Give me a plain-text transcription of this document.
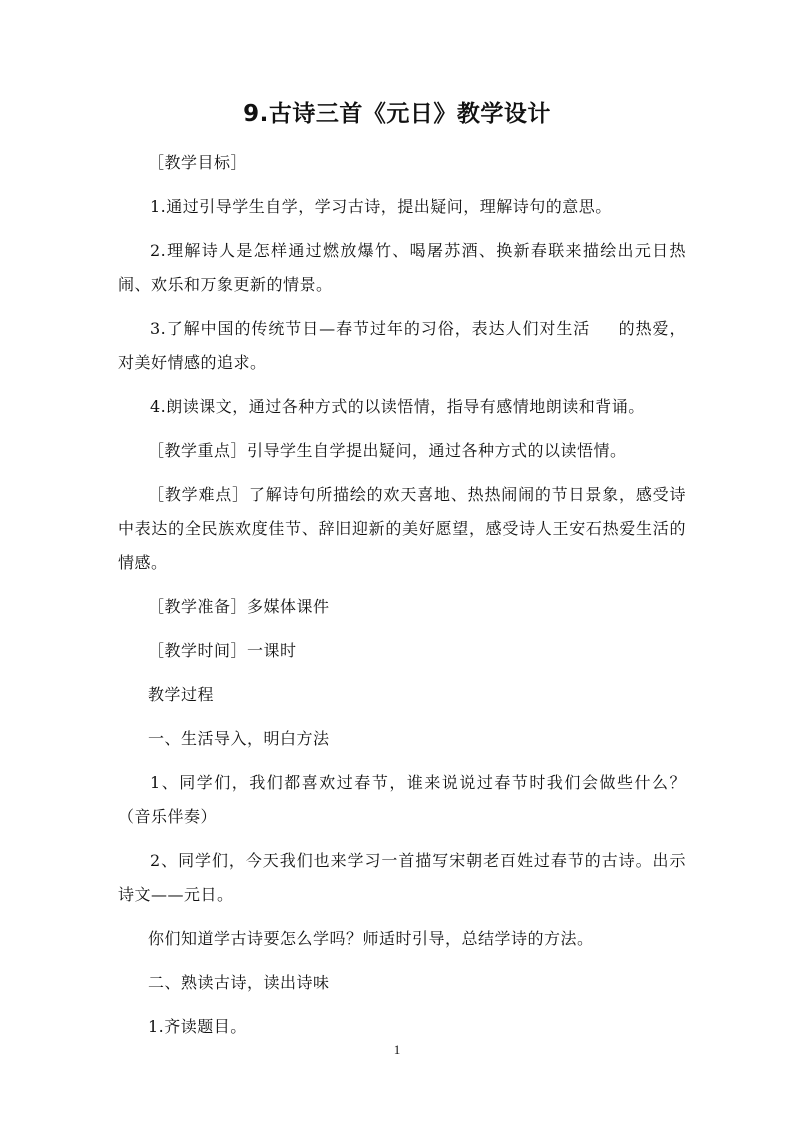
9.古诗三首《元日》教学设计

［教学目标］

1.通过引导学生自学，学习古诗，提出疑问，理解诗句的意思。

2.理解诗人是怎样通过燃放爆竹、喝屠苏酒、换新春联来描绘出元日热闹、欢乐和万象更新的情景。

3.了解中国的传统节日—春节过年的习俗，表达人们对生活 的热爱，对美好情感的追求。

4.朗读课文，通过各种方式的以读悟情，指导有感情地朗读和背诵。

［教学重点］引导学生自学提出疑问，通过各种方式的以读悟情。

［教学难点］了解诗句所描绘的欢天喜地、热热闹闹的节日景象，感受诗中表达的全民族欢度佳节、辞旧迎新的美好愿望，感受诗人王安石热爱生活的情感。

［教学准备］多媒体课件

［教学时间］一课时

教学过程

一、生活导入，明白方法

1、同学们，我们都喜欢过春节，谁来说说过春节时我们会做些什么？（音乐伴奏）

2、同学们，今天我们也来学习一首描写宋朝老百姓过春节的古诗。出示诗文——元日。

你们知道学古诗要怎么学吗？师适时引导，总结学诗的方法。

二、熟读古诗，读出诗味

1.齐读题目。

1
